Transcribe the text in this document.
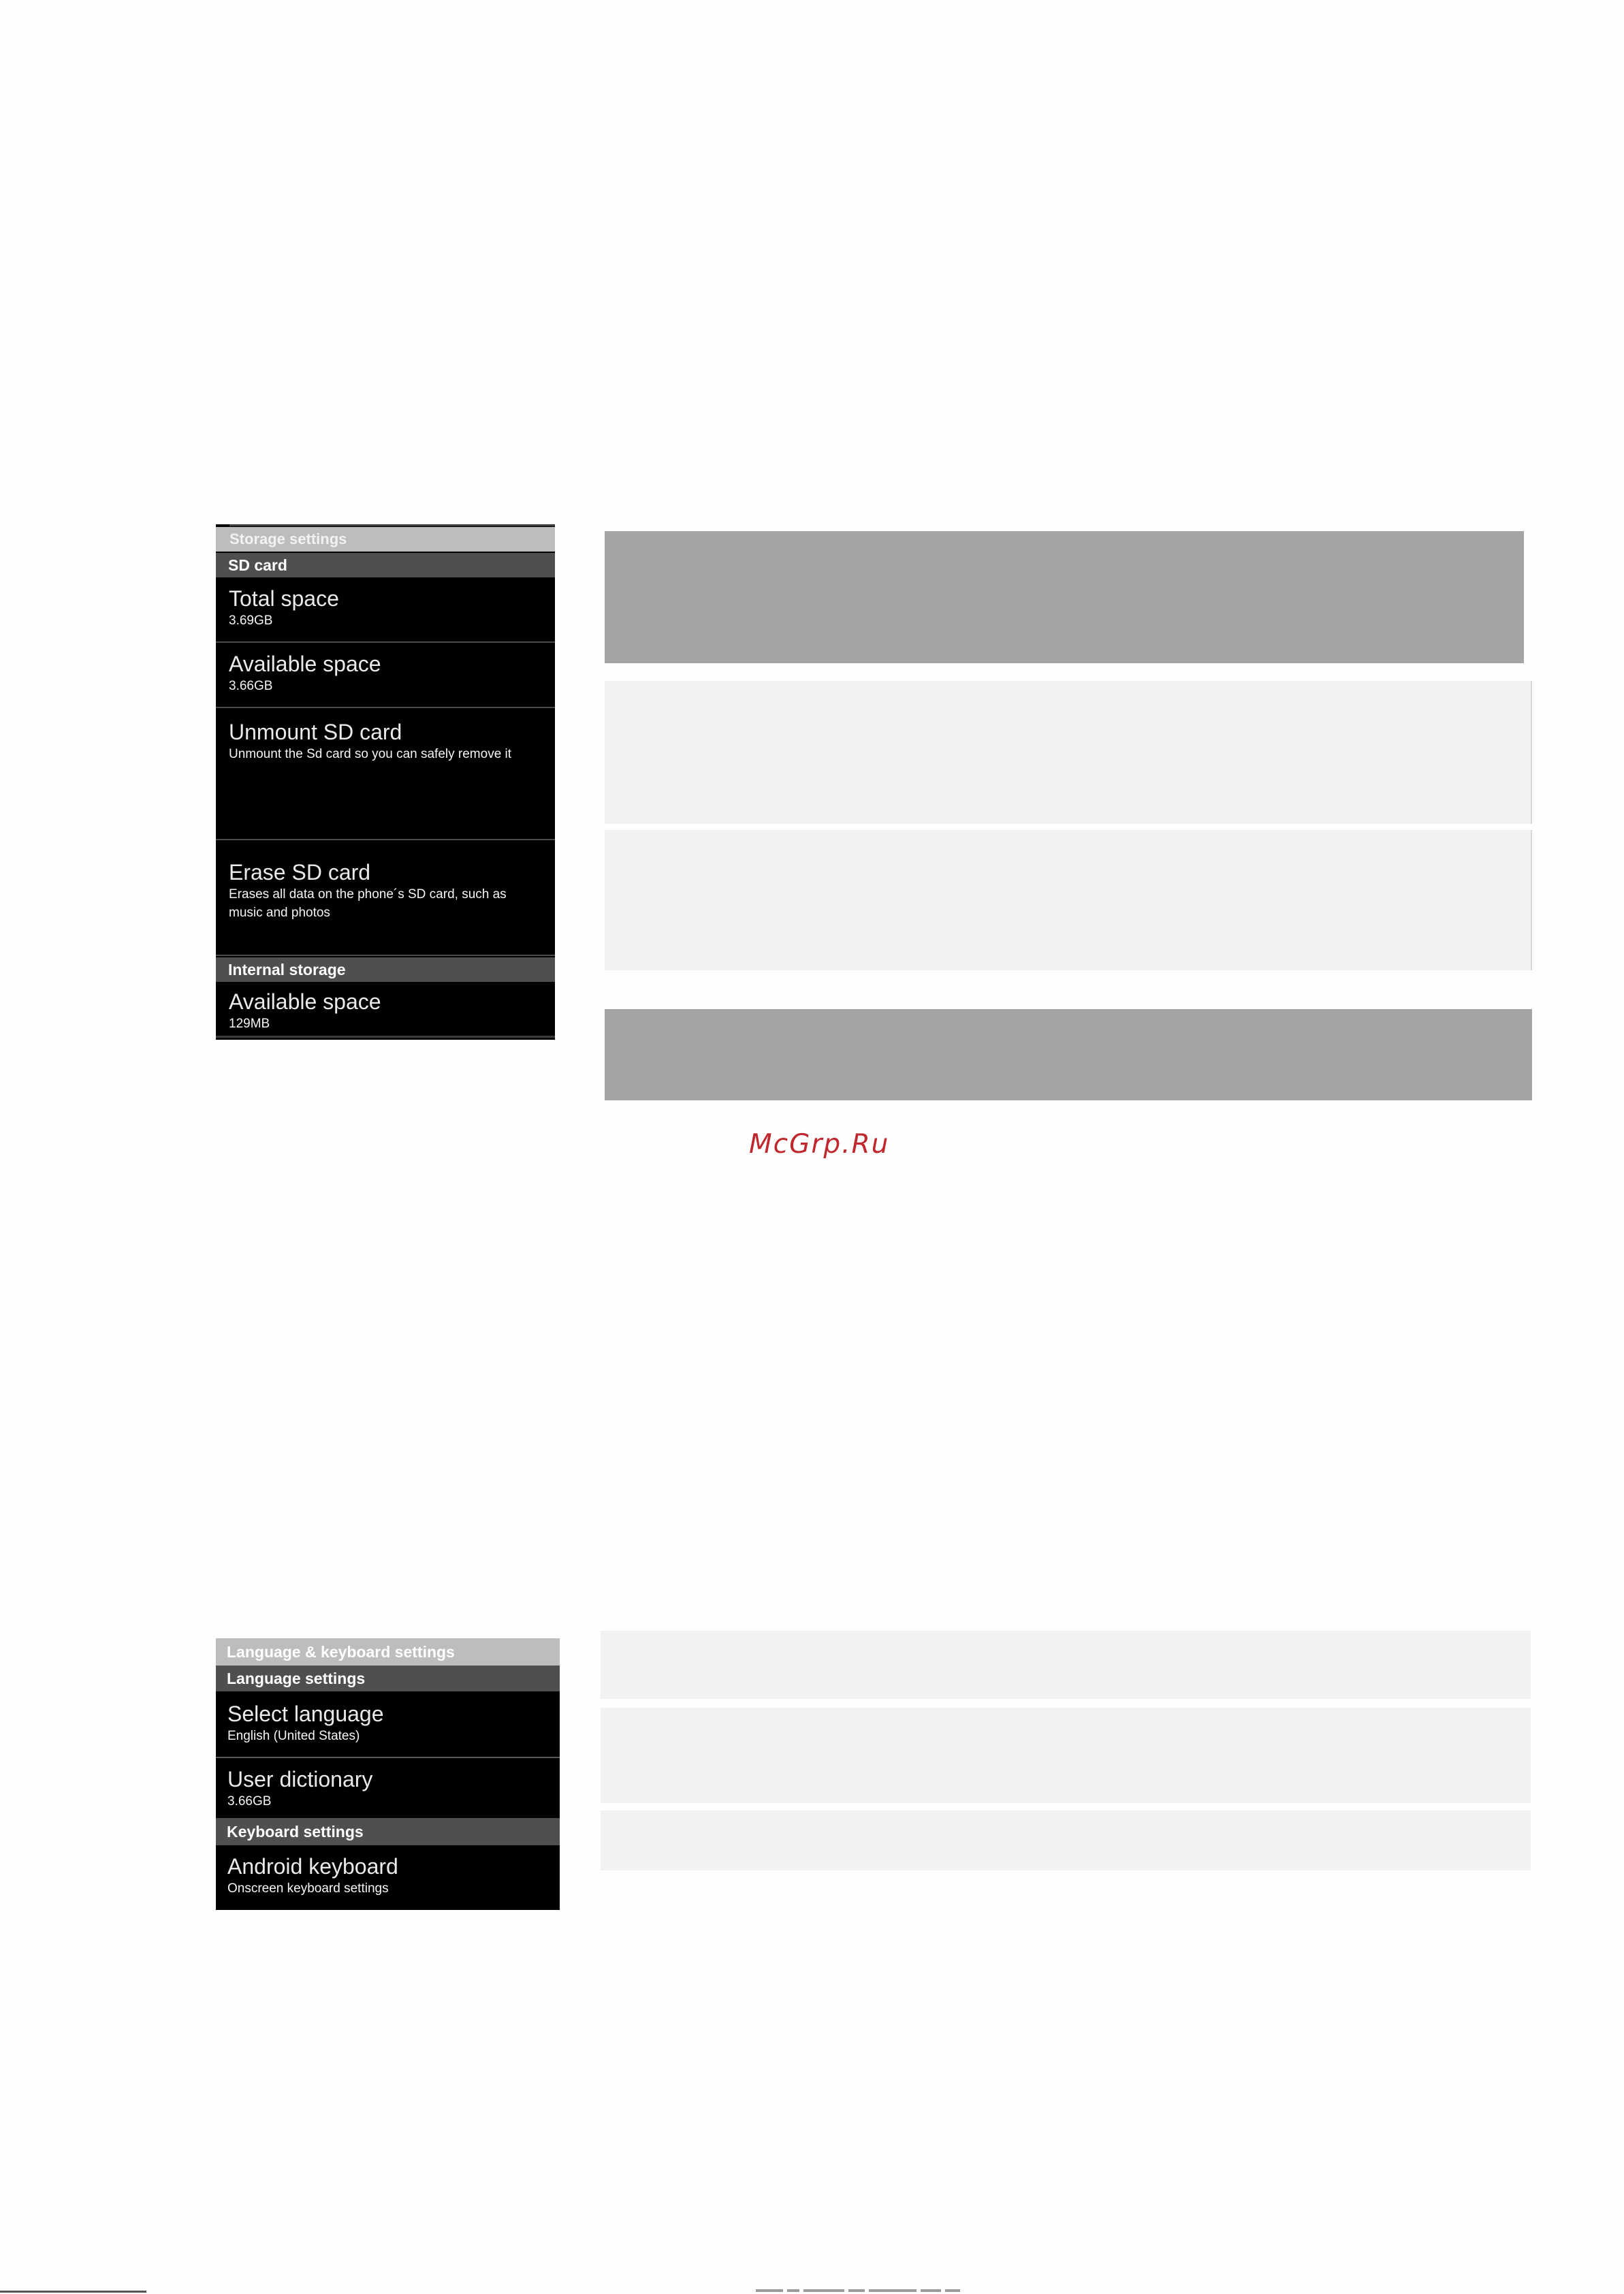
Storage settings
SD card
Total space
3.69GB
Available space
3.66GB
Unmount SD card
Unmount the Sd card so you can safely remove it
Erase SD card
Erases all data on the phone´s SD card, such as music and photos
Internal storage
Available space
129MB
McGrp.Ru
Language & keyboard settings
Language settings
Select language
English (United States)
User dictionary
3.66GB
Keyboard settings
Android keyboard
Onscreen keyboard settings
